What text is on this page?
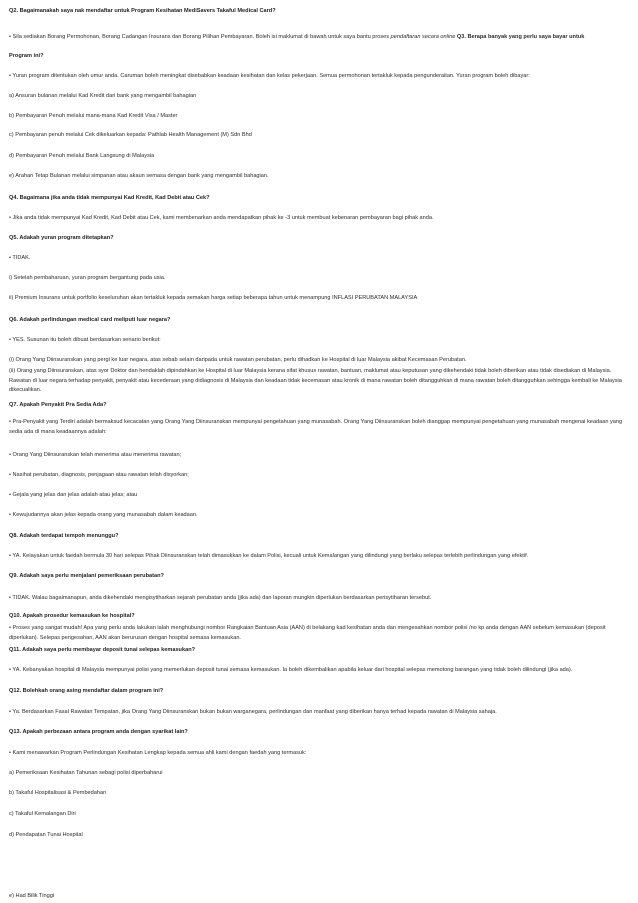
Q2. Bagaimanakah saya nak mendaftar untuk Program Kesihatan MediSavers Takaful Medical Card?
• Sila sediakan Borang Permohonan, Borang Cadangan Insurans dan Borang Pilihan Pembayaran. Boleh isi maklumat di bawah untuk saya bantu proses pendaftaran secara online Q3. Berapa banyak yang perlu saya bayar untuk
Program ini?
• Yuran program ditentukan oleh umur anda. Caruman boleh meningkat disebabkan keadaan kesihatan dan kelas pekerjaan. Semua permohonan tertakluk kepada pengunderaitan. Yuran program boleh dibayar:
a) Ansuran bulanan melalui Kad Kredit dari bank yang mengambil bahagian
b) Pembayaran Penuh melalui mana-mana Kad Kredit Visa / Master
c) Pembayaran penuh melalui Cek dikeluarkan kepada: Pathlab Health Management (M) Sdn Bhd
d) Pembayaran Penuh melalui Bank Langsung di Malaysia
e) Arahan Tetap Bulanan melalui simpanan atau akaun semasa dengan bank yang mengambil bahagian.
Q4. Bagaimana jika anda tidak mempunyai Kad Kredit, Kad Debit atau Cek?
• Jika anda tidak mempunyai Kad Kredit, Kad Debit atau Cek, kami membenarkan anda mendapatkan pihak ke -3 untuk membuat kebenaran pembayaran bagi pihak anda.
Q5. Adakah yuran program ditetapkan?
• TIDAK.
i) Setelah pembaharuan, yuran program bergantung pada usia.
ii) Premium Insurans untuk portfolio keseluruhan akan tertakluk kepada semakan harga setiap beberapa tahun untuk menampung INFLASI PERUBATAN MALAYSIA
Q6. Adakah perlindungan medical card meliputi luar negara?
• YES. Susunan itu boleh dibuat berdasarkan senario berikut:
(i) Orang Yang Diinsuranskan yang pergi ke luar negara, atas sebab selain daripada untuk rawatan perubatan, perlu dihadkan ke Hospital di luar Malaysia akibat Kecemasan Perubatan.
(ii) Orang yang Diinsuranskan, atas syor Doktor dan hendaklah dipindahkan ke Hospital di luar Malaysia kerana sifat khusus rawatan, bantuan, maklumat atau keputusan yang dikehendaki tidak boleh diberikan atau tidak disediakan di Malaysia. Rawatan di luar negara terhadap penyakit, penyakit atau kecederaan yang didiagnosis di Malaysia dan keadaan tidak kecemasan atau kronik di mana rawatan boleh ditangguhkan di mana rawatan boleh ditangguhkan sehingga kembali ke Malaysia dikecualikan.
Q7. Apakah Penyakit Pra Sedia Ada?
• Pra-Penyakit yang Terdiri adalah bermaksud kecacatan yang Orang Yang Diinsuranskan mempunyai pengetahuan yang munasabah. Orang Yang Diinsuranskan boleh dianggap mempunyai pengetahuan yang munasabah mengenai keadaan yang sedia ada di mana keadaannya adalah:
• Orang Yang Diinsuranskan telah menerima atau menerima rawatan;
• Nasihat perubatan, diagnosis, penjagaan atau rawatan telah disyorkan;
• Gejala yang jelas dan jelas adalah atau jelas; atau
• Kewujudannya akan jelas kepada orang yang munasabah dalam keadaan.
Q8. Adakah terdapat tempoh menunggu?
• YA. Kelayakan untuk faedah bermula 30 hari selepas Pihak Diinsuranskan telah dimasukkan ke dalam Polisi, kecuali untuk Kemalangan yang dilindungi yang berlaku selepas terlebih perlindungan yang efektif.
Q9. Adakah saya perlu menjalani pemeriksaan perubatan?
• TIDAK. Walau bagaimanapun, anda dikehendaki mengisytiharkan sejarah perubatan anda (jika ada) dan laporan mungkin diperlukan berdasarkan perisytiharan tersebut.
Q10. Apakah prosedur kemasukan ke hospital?
• Proses yang sangat mudah! Apa yang perlu anda lakukan ialah menghubungi nombor Rangkaian Bantuan Asia (AAN) di belakang kad kesihatan anda dan mengesahkan nombor polisi /no kp anda dengan AAN sebelum kemasukan (deposit diperlukan). Selepas pengesahan, AAN akan berurusan dengan hospital semasa kemasukan.
Q11. Adakah saya perlu membayar deposit tunai selepas kemasukan?
• YA. Kebanyakan hospital di Malaysia mempunyai polisi yang memerlukan deposit tunai semasa kemasukan. Ia boleh dikembalikan apabila keluar dari hospital selepas memotong barangan yang tidak boleh dilindungi (jika ada).
Q12. Bolehkah orang asing mendaftar dalam program ini?
• Ya. Berdasarkan Fasal Rawatan Tempatan, jika Orang Yang Diinsuranskan bukan bukan warganegara, perlindungan dan manfaat yang diberikan hanya terhad kepada rawatan di Malaysia sahaja.
Q13. Apakah perbezaan antara program anda dengan syarikat lain?
• Kami menawarkan Program Perlindungan Kesihatan Lengkap kepada semua ahli kami dengan faedah yang termasuk:
a) Pemeriksaan Kesihatan Tahunan sebagi polisi diperbaharui
b) Takaful Hospitalisasi & Pembedahan
c) Takaful Kemalangan Diri
d) Pendapatan Tunai Hospital
e) Had Bilik Tinggi
